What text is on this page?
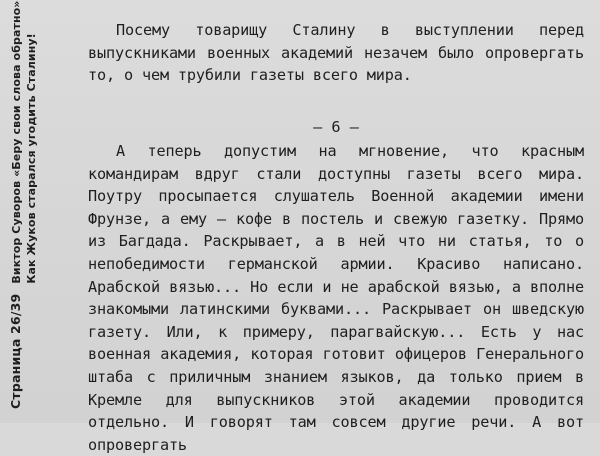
Страница 26/39
Виктор Суворов «Беру свои слова обратно» Как Жуков старался угодить Сталину!
Посему товарищу Сталину в выступлении перед выпускниками военных академий незачем было опровергать то, о чем трубили газеты всего мира.
– 6 –
А теперь допустим на мгновение, что красным командирам вдруг стали доступны газеты всего мира. Поутру просыпается слушатель Военной академии имени Фрунзе, а ему – кофе в постель и свежую газетку. Прямо из Багдада. Раскрывает, а в ней что ни статья, то о непобедимости германской армии. Красиво написано. Арабской вязью... Но если и не арабской вязью, а вполне знакомыми латинскими буквами... Раскрывает он шведскую газету. Или, к примеру, парагвайскую... Есть у нас военная академия, которая готовит офицеров Генерального штаба с приличным знанием языков, да только прием в Кремле для выпускников этой академии проводится отдельно. И говорят там совсем другие речи. А вот опровергать
